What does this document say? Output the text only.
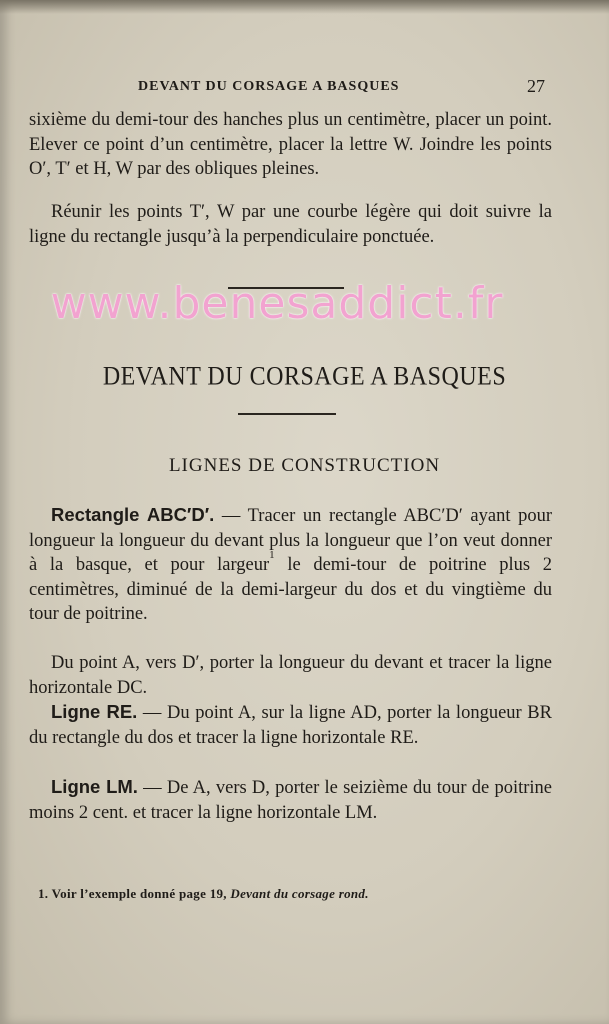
DEVANT DU CORSAGE A BASQUES	27

sixième du demi-tour des hanches plus un centimètre, placer un point. Elever ce point d’un centimètre, placer la lettre W. Joindre les points O′, T′ et H, W par des obliques pleines.

Réunir les points T′, W par une courbe légère qui doit suivre la ligne du rectangle jusqu’à la perpendiculaire ponctuée.

www.benesaddict.fr
DEVANT DU CORSAGE A BASQUES
LIGNES DE CONSTRUCTION

Rectangle ABC′D′. — Tracer un rectangle ABC′D′ ayant pour longueur la longueur du devant plus la longueur que l’on veut donner à la basque, et pour largeur$^1$ le demi-tour de poitrine plus 2 centimètres, diminué de la demi-largeur du dos et du vingtième du tour de poitrine.

Du point A, vers D′, porter la longueur du devant et tracer la ligne horizontale DC.

Ligne RE. — Du point A, sur la ligne AD, porter la longueur BR du rectangle du dos et tracer la ligne horizontale RE.

Ligne LM. — De A, vers D, porter le seizième du tour de poitrine moins 2 cent. et tracer la ligne horizontale LM.

1. Voir l’exemple donné page 19, Devant du corsage rond.
